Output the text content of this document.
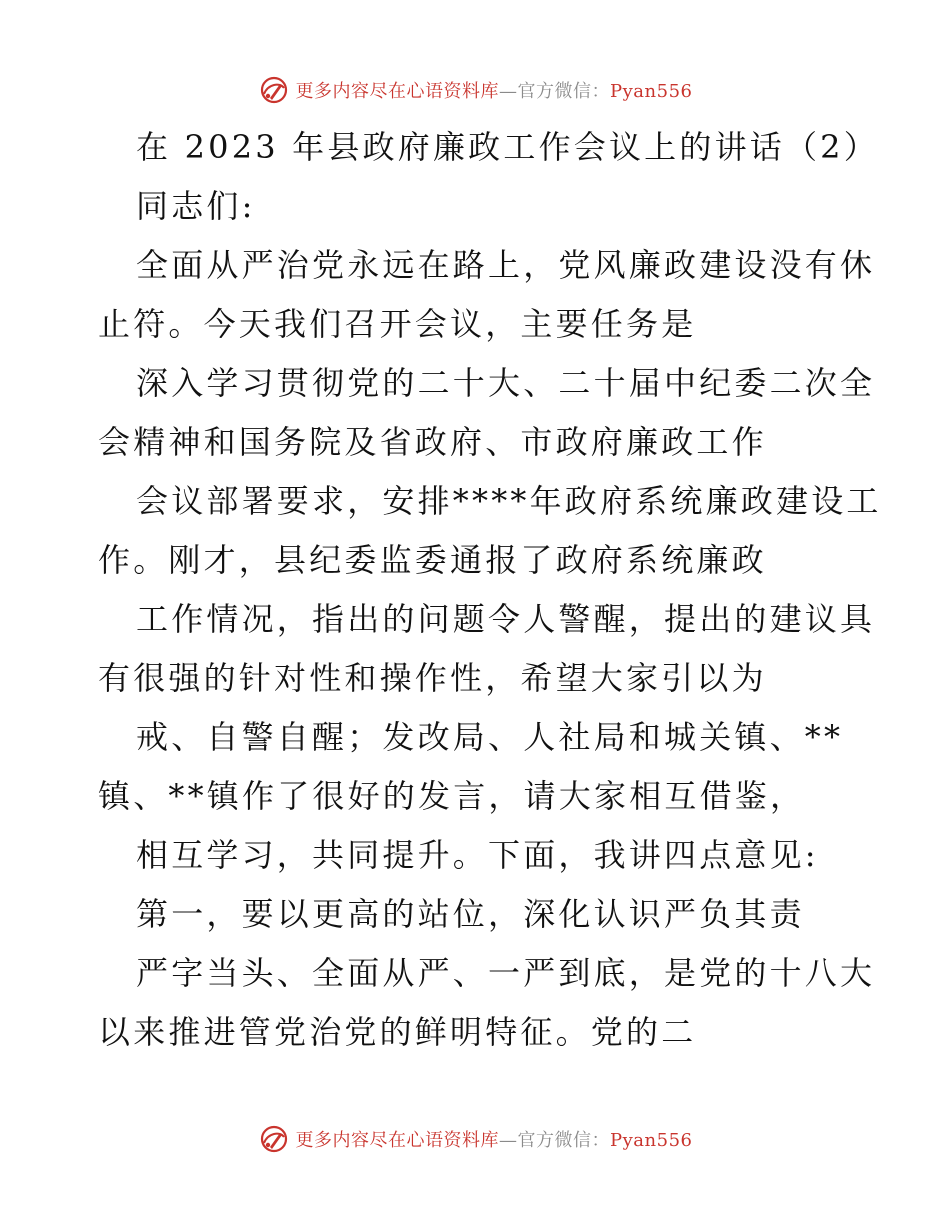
更多内容尽在心语资料库—官方微信：Pyan556
在 2023 年县政府廉政工作会议上的讲话（2）
同志们:
全面从严治党永远在路上，党风廉政建设没有休
止符。今天我们召开会议，主要任务是
深入学习贯彻党的二十大、二十届中纪委二次全
会精神和国务院及省政府、市政府廉政工作
会议部署要求，安排****年政府系统廉政建设工
作。刚才，县纪委监委通报了政府系统廉政
工作情况，指出的问题令人警醒，提出的建议具
有很强的针对性和操作性，希望大家引以为
戒、自警自醒；发改局、人社局和城关镇、**
镇、**镇作了很好的发言，请大家相互借鉴，
相互学习，共同提升。下面，我讲四点意见:
第一，要以更高的站位，深化认识严负其责
严字当头、全面从严、一严到底，是党的十八大
以来推进管党治党的鲜明特征。党的二
更多内容尽在心语资料库—官方微信：Pyan556
